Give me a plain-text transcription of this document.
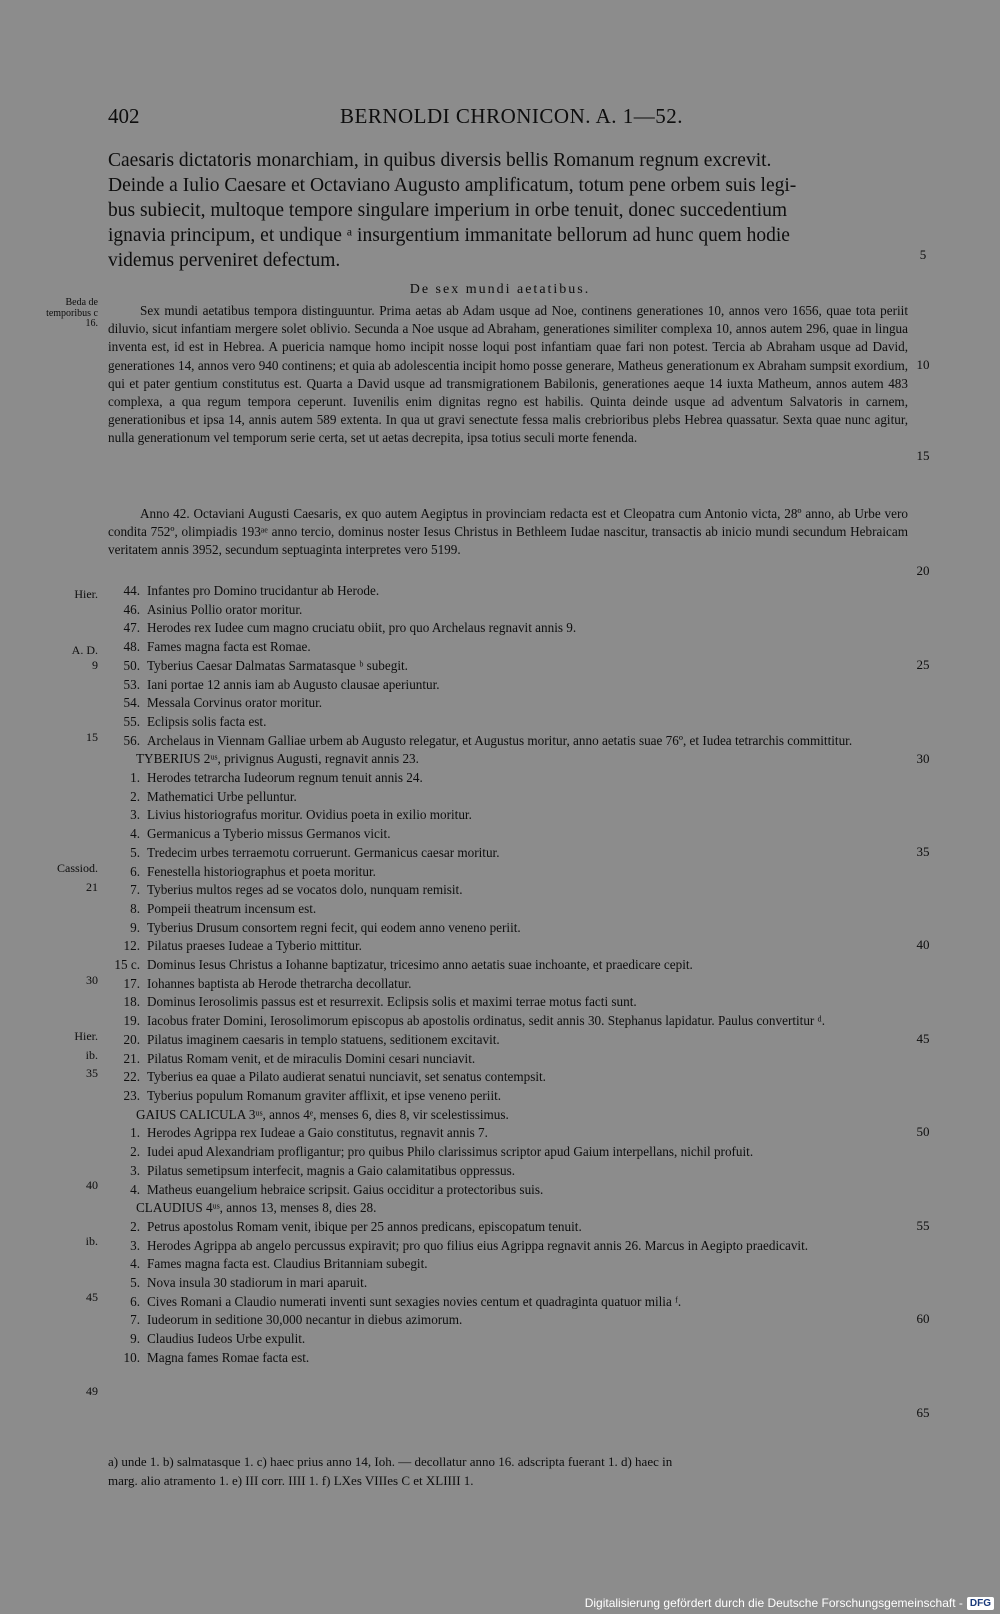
402	BERNOLDI CHRONICON. A. 1—52.

Caesaris dictatoris monarchiam, in quibus diversis bellis Romanum regnum excrevit.

Deinde a Iulio Caesare et Octaviano Augusto amplificatum, totum pene orbem suis legi-

bus subiecit, multoque tempore singulare imperium in orbe tenuit, donec succedentium

ignavia principum, et undique ᵃ insurgentium immanitate bellorum ad hunc quem hodie

videmus perveniret defectum.

De sex mundi aetatibus.

Sex mundi aetatibus tempora distinguuntur. Prima aetas ab Adam usque ad Noe, continens generationes 10, annos vero 1656, quae tota periit diluvio, sicut infantiam mergere solet oblivio. Secunda a Noe usque ad Abraham, generationes similiter complexa 10, annos autem 296, quae in lingua inventa est, id est in Hebrea. A puericia namque homo incipit nosse loqui post infantiam quae fari non potest. Tercia ab Abraham usque ad David, generationes 14, annos vero 940 continens; et quia ab adolescentia incipit homo posse generare, Matheus generationum ex Abraham sumpsit exordium, qui et pater gentium constitutus est. Quarta a David usque ad transmigrationem Babilonis, generationes aeque 14 iuxta Matheum, annos autem 483 complexa, a qua regum tempora ceperunt. Iuvenilis enim dignitas regno est habilis. Quinta deinde usque ad adventum Salvatoris in carnem, generationibus et ipsa 14, annis autem 589 extenta. In qua ut gravi senectute fessa malis crebrioribus plebs Hebrea quassatur. Sexta quae nunc agitur, nulla generationum vel temporum serie certa, set ut aetas decrepita, ipsa totius seculi morte fenenda.

Anno 42. Octaviani Augusti Caesaris, ex quo autem Aegiptus in provinciam redacta est et Cleopatra cum Antonio victa, 28º anno, ab Urbe vero condita 752º, olimpiadis 193ᵃᵉ anno tercio, dominus noster Iesus Christus in Bethleem Iudae nascitur, transactis ab inicio mundi secundum Hebraicam veritatem annis 3952, secundum septuaginta interpretes vero 5199.

44. Infantes pro Domino trucidantur ab Herode.
46. Asinius Pollio orator moritur.
47. Herodes rex Iudee cum magno cruciatu obiit, pro quo Archelaus regnavit annis 9.
48. Fames magna facta est Romae.
50. Tyberius Caesar Dalmatas Sarmatasque ᵇ subegit.
53. Iani portae 12 annis iam ab Augusto clausae aperiuntur.
54. Messala Corvinus orator moritur.
55. Eclipsis solis facta est.
56. Archelaus in Viennam Galliae urbem ab Augusto relegatur, et Augustus moritur, anno aetatis suae 76º, et Iudea tetrarchis committitur.
TYBERIUS 2ᵘˢ, privignus Augusti, regnavit annis 23.
1. Herodes tetrarcha Iudeorum regnum tenuit annis 24.
2. Mathematici Urbe pelluntur.
3. Livius historiografus moritur. Ovidius poeta in exilio moritur.
4. Germanicus a Tyberio missus Germanos vicit.
5. Tredecim urbes terraemotu corruerunt. Germanicus caesar moritur.
6. Fenestella historiographus et poeta moritur.
7. Tyberius multos reges ad se vocatos dolo, nunquam remisit.
8. Pompeii theatrum incensum est.
9. Tyberius Drusum consortem regni fecit, qui eodem anno veneno periit.
12. Pilatus praeses Iudeae a Tyberio mittitur.
15 c. Dominus Iesus Christus a Iohanne baptizatur, tricesimo anno aetatis suae inchoante, et praedicare cepit.
17. Iohannes baptista ab Herode thetrarcha decollatur.
18. Dominus Ierosolimis passus est et resurrexit. Eclipsis solis et maximi terrae motus facti sunt.
19. Iacobus frater Domini, Ierosolimorum episcopus ab apostolis ordinatus, sedit annis 30. Stephanus lapidatur. Paulus convertitur ᵈ.
20. Pilatus imaginem caesaris in templo statuens, seditionem excitavit.
21. Pilatus Romam venit, et de miraculis Domini cesari nunciavit.
22. Tyberius ea quae a Pilato audierat senatui nunciavit, set senatus contempsit.
23. Tyberius populum Romanum graviter afflixit, et ipse veneno periit.
GAIUS CALICULA 3ᵘˢ, annos 4ᵉ, menses 6, dies 8, vir scelestissimus.
1. Herodes Agrippa rex Iudeae a Gaio constitutus, regnavit annis 7.
2. Iudei apud Alexandriam profligantur; pro quibus Philo clarissimus scriptor apud Gaium interpellans, nichil profuit.
3. Pilatus semetipsum interfecit, magnis a Gaio calamitatibus oppressus.
4. Matheus euangelium hebraice scripsit. Gaius occiditur a protectoribus suis.
CLAUDIUS 4ᵘˢ, annos 13, menses 8, dies 28.
2. Petrus apostolus Romam venit, ibique per 25 annos predicans, episcopatum tenuit.
3. Herodes Agrippa ab angelo percussus expiravit; pro quo filius eius Agrippa regnavit annis 26. Marcus in Aegipto praedicavit.
4. Fames magna facta est. Claudius Britanniam subegit.
5. Nova insula 30 stadiorum in mari aparuit.
6. Cives Romani a Claudio numerati inventi sunt sexagies novies centum et quadraginta quatuor milia ᶠ.
7. Iudeorum in seditione 30,000 necantur in diebus azimorum.
9. Claudius Iudeos Urbe expulit.
10. Magna fames Romae facta est.
Beda de temporibus c 16.
Hier.
A. D.
9
15
Cassiod.
21
30
Hier.
ib.
35
40
ib.
45
49
5
10
15
20
25
30
35
40
45
50
55
60
65
a) unde 1. b) salmatasque 1. c) haec prius anno 14, Ioh. — decollatur anno 16. adscripta fuerant 1. d) haec in
marg. alio atramento 1. e) III corr. IIII 1. f) LXes VIIIes C et XLIIII 1.
Digitalisierung gefördert durch die Deutsche Forschungsgemeinschaft - DFG
